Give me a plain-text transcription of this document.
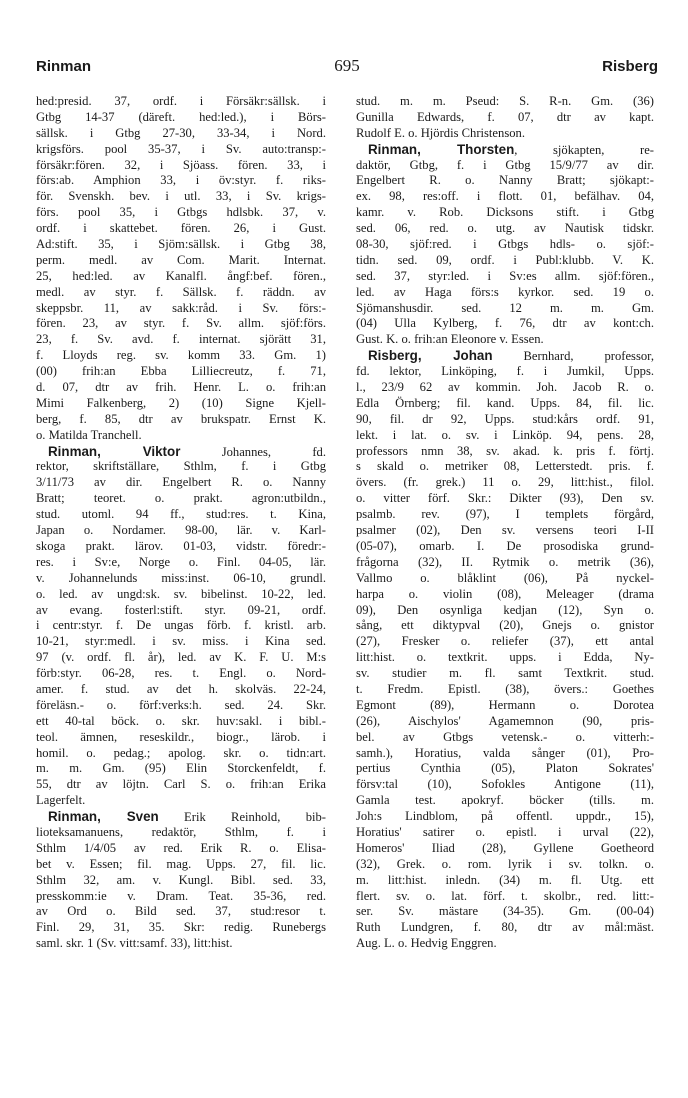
Rinman	695	Risberg
hed:presid. 37, ordf. i Försäkr:sällsk. i
Gtbg 14-37 (däreft. hed:led.), i Börs-
sällsk. i Gtbg 27-30, 33-34, i Nord.
krigsförs. pool 35-37, i Sv. auto:transp:-
försäkr:fören. 32, i Sjöass. fören. 33, i
förs:ab. Amphion 33, i öv:styr. f. riks-
för. Svenskh. bev. i utl. 33, i Sv. krigs-
förs. pool 35, i Gtbgs hdlsbk. 37, v.
ordf. i skattebet. fören. 26, i Gust.
Ad:stift. 35, i Sjöm:sällsk. i Gtbg 38,
perm. medl. av Com. Marit. Internat.
25, hed:led. av Kanalfl. ångf:bef. fören.,
medl. av styr. f. Sällsk. f. räddn. av
skeppsbr. 11, av sakk:råd. i Sv. förs:-
fören. 23, av styr. f. Sv. allm. sjöf:förs.
23, f. Sv. avd. f. internat. sjörätt 31,
f. Lloyds reg. sv. komm 33. Gm. 1)
(00) frih:an Ebba Lilliecreutz, f. 71,
d. 07, dtr av frih. Henr. L. o. frih:an
Mimi Falkenberg, 2) (10) Signe Kjell-
berg, f. 85, dtr av brukspatr. Ernst K.
o. Matilda Tranchell.
Rinman, Viktor Johannes, fd.
rektor, skriftställare, Sthlm, f. i Gtbg
3/11/73 av dir. Engelbert R. o. Nanny
Bratt; teoret. o. prakt. agron:utbildn.,
stud. utoml. 94 ff., stud:res. t. Kina,
Japan o. Nordamer. 98-00, lär. v. Karl-
skoga prakt. lärov. 01-03, vidstr. föredr:-
res. i Sv:e, Norge o. Finl. 04-05, lär.
v. Johannelunds miss:inst. 06-10, grundl.
o. led. av ungd:sk. sv. bibelinst. 10-22, led.
av evang. fosterl:stift. styr. 09-21, ordf.
i centr:styr. f. De ungas förb. f. kristl. arb.
10-21, styr:medl. i sv. miss. i Kina sed.
97 (v. ordf. fl. år), led. av K. F. U. M:s
förb:styr. 06-28, res. t. Engl. o. Nord-
amer. f. stud. av det h. skolväs. 22-24,
föreläsn.- o. förf:verks:h. sed. 24. Skr.
ett 40-tal böck. o. skr. huv:sakl. i bibl.-
teol. ämnen, reseskildr., biogr., lärob. i
homil. o. pedag.; apolog. skr. o. tidn:art.
m. m. Gm. (95) Elin Storckenfeldt, f.
55, dtr av löjtn. Carl S. o. frih:an Erika
Lagerfelt.
Rinman, Sven Erik Reinhold, bib-
lioteksamanuens, redaktör, Sthlm, f. i
Sthlm 1/4/05 av red. Erik R. o. Elisa-
bet v. Essen; fil. mag. Upps. 27, fil. lic.
Sthlm 32, am. v. Kungl. Bibl. sed. 33,
presskomm:ie v. Dram. Teat. 35-36, red.
av Ord o. Bild sed. 37, stud:resor t.
Finl. 29, 31, 35. Skr: redig. Runebergs
saml. skr. 1 (Sv. vitt:samf. 33), litt:hist.
stud. m. m. Pseud: S. R-n. Gm. (36)
Gunilla Edwards, f. 07, dtr av kapt.
Rudolf E. o. Hjördis Christenson.
Rinman, Thorsten, sjökapten, re-
daktör, Gtbg, f. i Gtbg 15/9/77 av dir.
Engelbert R. o. Nanny Bratt; sjökapt:-
ex. 98, res:off. i flott. 01, befälhav. 04,
kamr. v. Rob. Dicksons stift. i Gtbg
sed. 06, red. o. utg. av Nautisk tidskr.
08-30, sjöf:red. i Gtbgs hdls- o. sjöf:-
tidn. sed. 09, ordf. i Publ:klubb. V. K.
sed. 37, styr:led. i Sv:es allm. sjöf:fören.,
led. av Haga förs:s kyrkor. sed. 19 o.
Sjömanshusdir. sed. 12 m. m. Gm.
(04) Ulla Kylberg, f. 76, dtr av kont:ch.
Gust. K. o. frih:an Eleonore v. Essen.
Risberg, Johan Bernhard, professor,
fd. lektor, Linköping, f. i Jumkil, Upps.
l., 23/9 62 av kommin. Joh. Jacob R. o.
Edla Örnberg; fil. kand. Upps. 84, fil. lic.
90, fil. dr 92, Upps. stud:kårs ordf. 91,
lekt. i lat. o. sv. i Linköp. 94, pens. 28,
professors nmn 38, sv. akad. k. pris f. förtj.
s skald o. metriker 08, Letterstedt. pris. f.
övers. (fr. grek.) 11 o. 29, litt:hist., filol.
o. vitter förf. Skr.: Dikter (93), Den sv.
psalmb. rev. (97), I templets förgård,
psalmer (02), Den sv. versens teori I-II
(05-07), omarb. I. De prosodiska grund-
frågorna (32), II. Rytmik o. metrik (36),
Vallmo o. blåklint (06), På nyckel-
harpa o. violin (08), Meleager (drama
09), Den osynliga kedjan (12), Syn o.
sång, ett diktурval (20), Gnejs o. gnistor
(27), Fresker o. reliefer (37), ett antal
litt:hist. o. textkrit. upps. i Edda, Ny-
sv. studier m. fl. samt Textkrit. stud.
t. Fredm. Epistl. (38), övers.: Goethes
Egmont (89), Hermann o. Dorotea
(26), Aischylos' Agamemnon (90, pris-
bel. av Gtbgs vetensk.- o. vitterh:-
samh.), Horatius, valda sånger (01), Pro-
pertius Cynthia (05), Platon Sokrates'
försv:tal (10), Sofokles Antigone (11),
Gamla test. apokryf. böcker (tills. m.
Joh:s Lindblom, på offentl. uppdr., 15),
Horatius' satirer o. epistl. i urval (22),
Homeros' Iliad (28), Gyllene Goetheord
(32), Grek. o. rom. lyrik i sv. tolkn. o.
m. litt:hist. inledn. (34) m. fl. Utg. ett
flert. sv. o. lat. förf. t. skolbr., red. litt:-
ser. Sv. mästare (34-35). Gm. (00-04)
Ruth Lundgren, f. 80, dtr av mål:mäst.
Aug. L. o. Hedvig Enggren.
